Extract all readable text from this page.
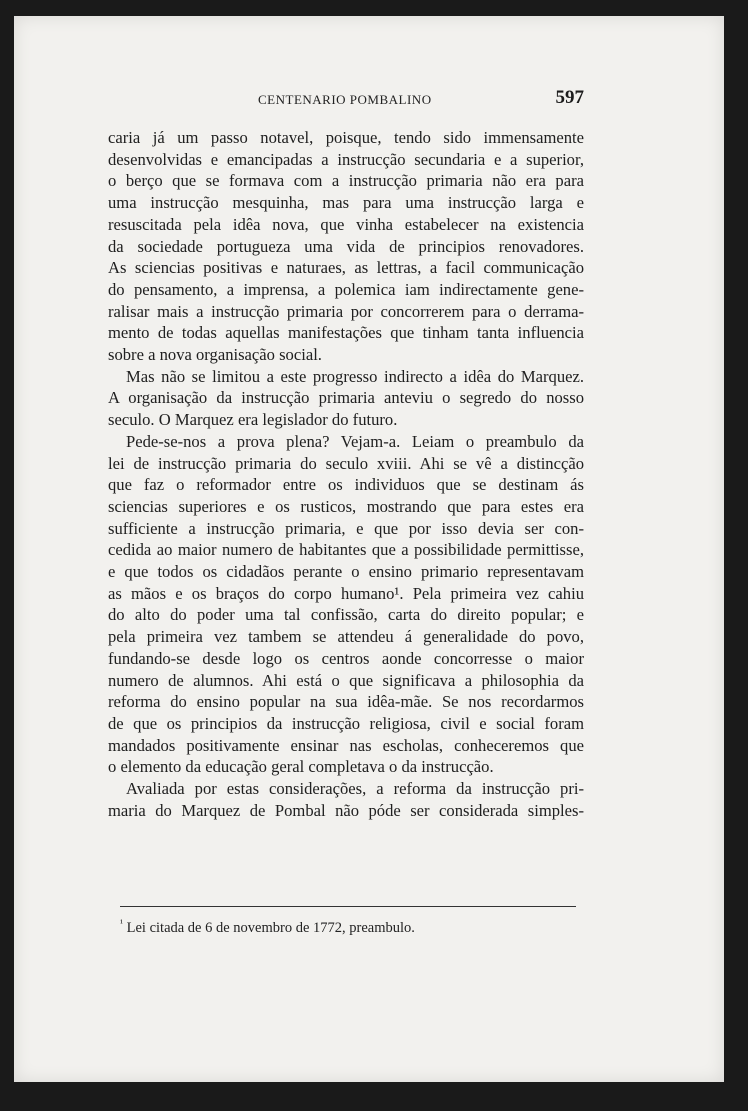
CENTENARIO POMBALINO	597

caria já um passo notavel, poisque, tendo sido immensamente
desenvolvidas e emancipadas a instrucção secundaria e a superior,
o berço que se formava com a instrucção primaria não era para
uma instrucção mesquinha, mas para uma instrucção larga e
resuscitada pela idêa nova, que vinha estabelecer na existencia
da sociedade portugueza uma vida de principios renovadores.
As sciencias positivas e naturaes, as lettras, a facil communicação
do pensamento, a imprensa, a polemica iam indirectamente gene-
ralisar mais a instrucção primaria por concorrerem para o derrama-
mento de todas aquellas manifestações que tinham tanta influencia
sobre a nova organisação social.

Mas não se limitou a este progresso indirecto a idêa do Marquez.
A organisação da instrucção primaria anteviu o segredo do nosso
seculo. O Marquez era legislador do futuro.

Pede-se-nos a prova plena? Vejam-a. Leiam o preambulo da
lei de instrucção primaria do seculo xviii. Ahi se vê a distincção
que faz o reformador entre os individuos que se destinam ás
sciencias superiores e os rusticos, mostrando que para estes era
sufficiente a instrucção primaria, e que por isso devia ser con-
cedida ao maior numero de habitantes que a possibilidade permittisse,
e que todos os cidadãos perante o ensino primario representavam
as mãos e os braços do corpo humano¹. Pela primeira vez cahiu
do alto do poder uma tal confissão, carta do direito popular; e
pela primeira vez tambem se attendeu á generalidade do povo,
fundando-se desde logo os centros aonde concorresse o maior
numero de alumnos. Ahi está o que significava a philosophia da
reforma do ensino popular na sua idêa-mãe. Se nos recordarmos
de que os principios da instrucção religiosa, civil e social foram
mandados positivamente ensinar nas escholas, conheceremos que
o elemento da educação geral completava o da instrucção.

Avaliada por estas considerações, a reforma da instrucção pri-
maria do Marquez de Pombal não póde ser considerada simples-

$^{^1}$ Lei citada de 6 de novembro de 1772, preambulo.
